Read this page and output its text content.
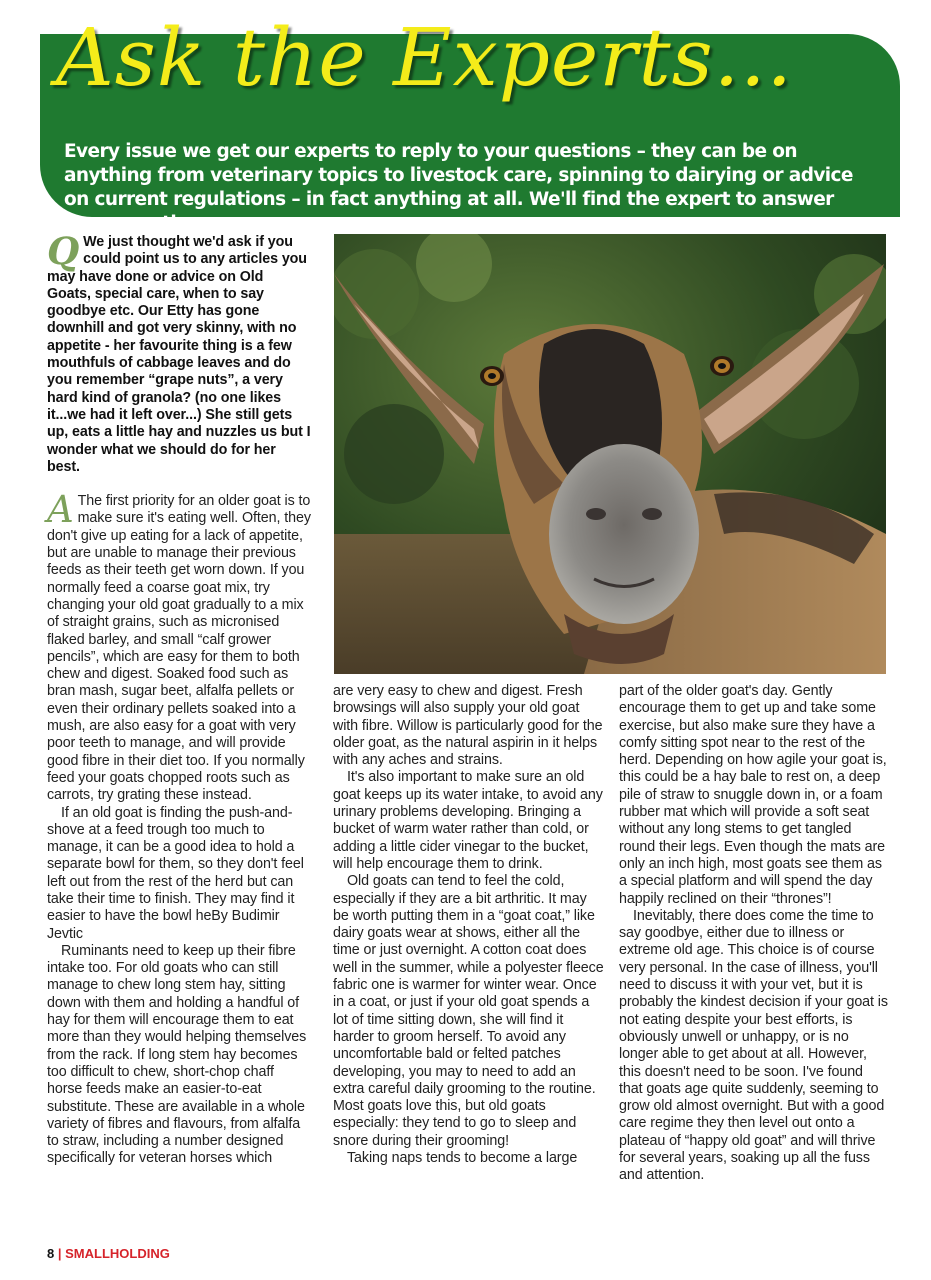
Ask the Experts...

Every issue we get our experts to reply to your questions – they can be on anything from veterinary topics to livestock care, spinning to dairying or advice on current regulations – in fact anything at all. We'll find the expert to answer your question.

Q We just thought we'd ask if you could point us to any articles you may have done or advice on Old Goats, special care, when to say goodbye etc. Our Etty has gone downhill and got very skinny, with no appetite - her favourite thing is a few mouthfuls of cabbage leaves and do you remember “grape nuts”, a very hard kind of granola? (no one likes it...we had it left over...) She still gets up, eats a little hay and nuzzles us but I wonder what we should do for her best.

A The first priority for an older goat is to make sure it's eating well. Often, they don't give up eating for a lack of appetite, but are unable to manage their previous feeds as their teeth get worn down. If you normally feed a coarse goat mix, try changing your old goat gradually to a mix of straight grains, such as micronised flaked barley, and small “calf grower pencils”, which are easy for them to both chew and digest. Soaked food such as bran mash, sugar beet, alfalfa pellets or even their ordinary pellets soaked into a mush, are also easy for a goat with very poor teeth to manage, and will provide good fibre in their diet too. If you normally feed your goats chopped roots such as carrots, try grating these instead.

If an old goat is finding the push-and-shove at a feed trough too much to manage, it can be a good idea to hold a separate bowl for them, so they don't feel left out from the rest of the herd but can take their time to finish. They may find it easier to have the bowl heBy Budimir Jevtic

Ruminants need to keep up their fibre intake too. For old goats who can still manage to chew long stem hay, sitting down with them and holding a handful of hay for them will encourage them to eat more than they would helping themselves from the rack. If long stem hay becomes too difficult to chew, short-chop chaff horse feeds make an easier-to-eat substitute. These are available in a whole variety of fibres and flavours, from alfalfa to straw, including a number designed specifically for veteran horses which

are very easy to chew and digest. Fresh browsings will also supply your old goat with fibre. Willow is particularly good for the older goat, as the natural aspirin in it helps with any aches and strains.

It's also important to make sure an old goat keeps up its water intake, to avoid any urinary problems developing. Bringing a bucket of warm water rather than cold, or adding a little cider vinegar to the bucket, will help encourage them to drink.

Old goats can tend to feel the cold, especially if they are a bit arthritic. It may be worth putting them in a “goat coat,” like dairy goats wear at shows, either all the time or just overnight. A cotton coat does well in the summer, while a polyester fleece fabric one is warmer for winter wear. Once in a coat, or just if your old goat spends a lot of time sitting down, she will find it harder to groom herself. To avoid any uncomfortable bald or felted patches developing, you may to need to add an extra careful daily grooming to the routine. Most goats love this, but old goats especially: they tend to go to sleep and snore during their grooming!

Taking naps tends to become a large

part of the older goat's day. Gently encourage them to get up and take some exercise, but also make sure they have a comfy sitting spot near to the rest of the herd. Depending on how agile your goat is, this could be a hay bale to rest on, a deep pile of straw to snuggle down in, or a foam rubber mat which will provide a soft seat without any long stems to get tangled round their legs. Even though the mats are only an inch high, most goats see them as a special platform and will spend the day happily reclined on their “thrones”!

Inevitably, there does come the time to say goodbye, either due to illness or extreme old age. This choice is of course very personal. In the case of illness, you'll need to discuss it with your vet, but it is probably the kindest decision if your goat is not eating despite your best efforts, is obviously unwell or unhappy, or is no longer able to get about at all. However, this doesn't need to be soon. I've found that goats age quite suddenly, seeming to grow old almost overnight. But with a good care regime they then level out onto a plateau of “happy old goat” and will thrive for several years, soaking up all the fuss and attention.

8 | SMALLHOLDING
